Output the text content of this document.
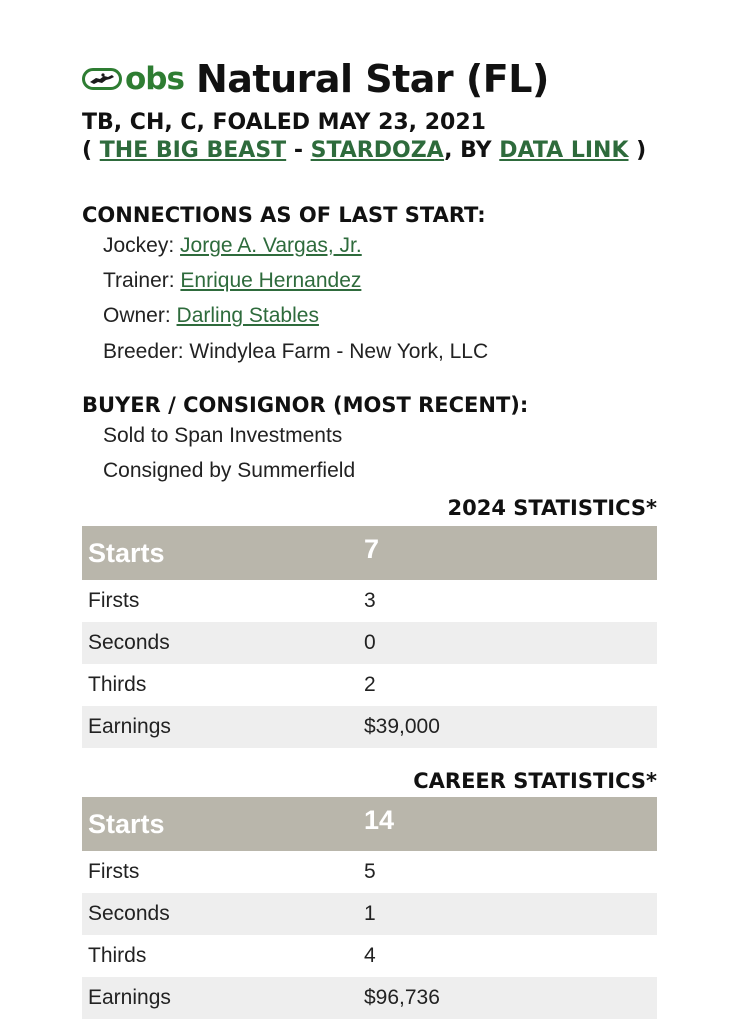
obs Natural Star (FL)
TB, CH, C, FOALED MAY 23, 2021
( THE BIG BEAST - STARDOZA, BY DATA LINK )
CONNECTIONS AS OF LAST START:
Jockey: Jorge A. Vargas, Jr.
Trainer: Enrique Hernandez
Owner: Darling Stables
Breeder: Windylea Farm - New York, LLC
BUYER / CONSIGNOR (MOST RECENT):
Sold to Span Investments
Consigned by Summerfield
2024 STATISTICS*
Starts	7
Firsts	3
Seconds	0
Thirds	2
Earnings	$39,000
CAREER STATISTICS*
Starts	14
Firsts	5
Seconds	1
Thirds	4
Earnings	$96,736
